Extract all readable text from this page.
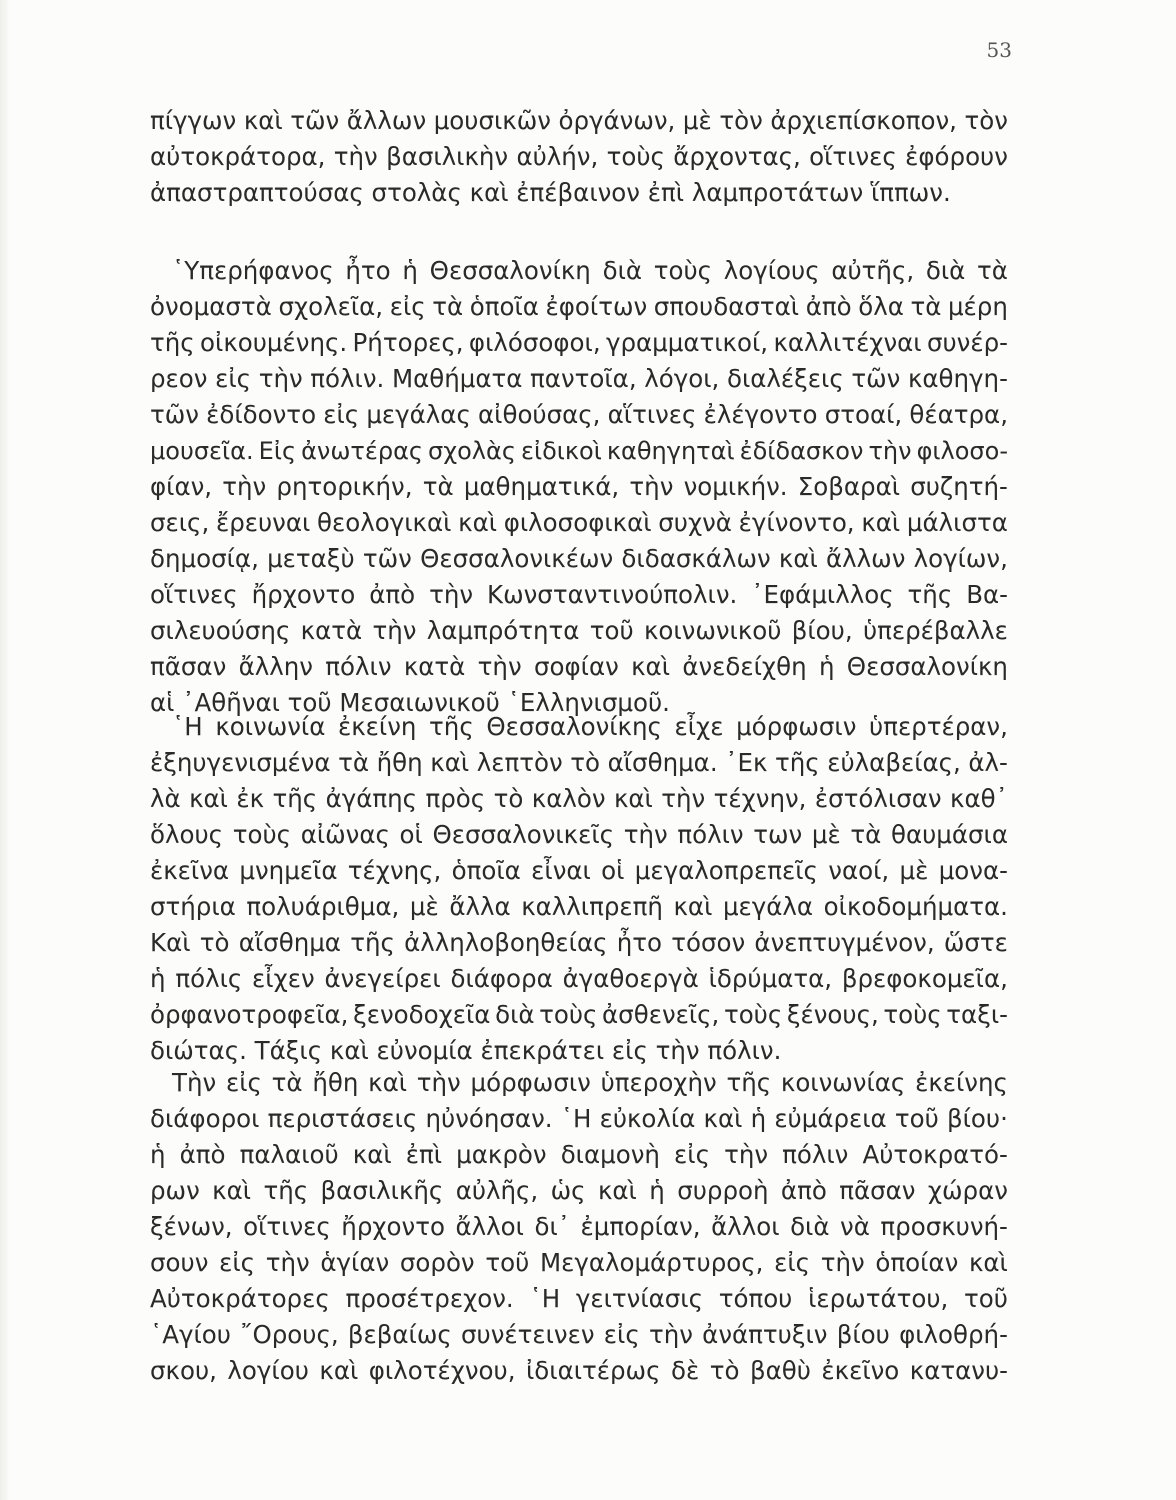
53
πίγγων καὶ τῶν ἄλλων μουσικῶν ὀργάνων, μὲ τὸν ἀρχιεπίσκοπον, τὸν
αὐτοκράτορα, τὴν βασιλικὴν αὐλήν, τοὺς ἄρχοντας, οἵτινες ἐφόρουν
ἀπαστραπτούσας στολὰς καὶ ἐπέβαινον ἐπὶ λαμπροτάτων ἵππων.
῾Υπερήφανος ἦτο ἡ Θεσσαλονίκη διὰ τοὺς λογίους αὐτῆς, διὰ τὰ
ὀνομαστὰ σχολεῖα, εἰς τὰ ὁποῖα ἐφοίτων σπουδασταὶ ἀπὸ ὅλα τὰ μέρη
τῆς οἰκουμένης. Ρήτορες, φιλόσοφοι, γραμματικοί, καλλιτέχναι συνέρ-
ρεον εἰς τὴν πόλιν. Μαθήματα παντοῖα, λόγοι, διαλέξεις τῶν καθηγη-
τῶν ἐδίδοντο εἰς μεγάλας αἰθούσας, αἵτινες ἐλέγοντο στοαί, θέατρα,
μουσεῖα. Εἰς ἀνωτέρας σχολὰς εἰδικοὶ καθηγηταὶ ἐδίδασκον τὴν φιλοσο-
φίαν, τὴν ρητορικήν, τὰ μαθηματικά, τὴν νομικήν. Σοβαραὶ συζητή-
σεις, ἔρευναι θεολογικαὶ καὶ φιλοσοφικαὶ συχνὰ ἐγίνοντο, καὶ μάλιστα
δημοσίᾳ, μεταξὺ τῶν Θεσσαλονικέων διδασκάλων καὶ ἄλλων λογίων,
οἵτινες ἤρχοντο ἀπὸ τὴν Κωνσταντινούπολιν. ᾿Εφάμιλλος τῆς Βα-
σιλευούσης κατὰ τὴν λαμπρότητα τοῦ κοινωνικοῦ βίου, ὑπερέβαλλε
πᾶσαν ἄλλην πόλιν κατὰ τὴν σοφίαν καὶ ἀνεδείχθη ἡ Θεσσαλονίκη
αἱ ᾿Αθῆναι τοῦ Μεσαιωνικοῦ ῾Ελληνισμοῦ.
῾Η κοινωνία ἐκείνη τῆς Θεσσαλονίκης εἶχε μόρφωσιν ὑπερτέραν,
ἐξηυγενισμένα τὰ ἤθη καὶ λεπτὸν τὸ αἴσθημα. ᾿Εκ τῆς εὐλαβείας, ἀλ-
λὰ καὶ ἐκ τῆς ἀγάπης πρὸς τὸ καλὸν καὶ τὴν τέχνην, ἐστόλισαν καθ᾿
ὅλους τοὺς αἰῶνας οἱ Θεσσαλονικεῖς τὴν πόλιν των μὲ τὰ θαυμάσια
ἐκεῖνα μνημεῖα τέχνης, ὁποῖα εἶναι οἱ μεγαλοπρεπεῖς ναοί, μὲ μονα-
στήρια πολυάριθμα, μὲ ἄλλα καλλιπρεπῆ καὶ μεγάλα οἰκοδομήματα.
Καὶ τὸ αἴσθημα τῆς ἀλληλοβοηθείας ἦτο τόσον ἀνεπτυγμένον, ὥστε
ἡ πόλις εἶχεν ἀνεγείρει διάφορα ἀγαθοεργὰ ἱδρύματα, βρεφοκομεῖα,
ὀρφανοτροφεῖα, ξενοδοχεῖα διὰ τοὺς ἀσθενεῖς, τοὺς ξένους, τοὺς ταξι-
διώτας. Τάξις καὶ εὐνομία ἐπεκράτει εἰς τὴν πόλιν.
Τὴν εἰς τὰ ἤθη καὶ τὴν μόρφωσιν ὑπεροχὴν τῆς κοινωνίας ἐκείνης
διάφοροι περιστάσεις ηὐνόησαν. ῾Η εὐκολία καὶ ἡ εὐμάρεια τοῦ βίου·
ἡ ἀπὸ παλαιοῦ καὶ ἐπὶ μακρὸν διαμονὴ εἰς τὴν πόλιν Αὐτοκρατό-
ρων καὶ τῆς βασιλικῆς αὐλῆς, ὡς καὶ ἡ συρροὴ ἀπὸ πᾶσαν χώραν
ξένων, οἵτινες ἤρχοντο ἄλλοι δι᾿ ἐμπορίαν, ἄλλοι διὰ νὰ προσκυνή-
σουν εἰς τὴν ἁγίαν σορὸν τοῦ Μεγαλομάρτυρος, εἰς τὴν ὁποίαν καὶ
Αὐτοκράτορες προσέτρεχον. ῾Η γειτνίασις τόπου ἱερωτάτου, τοῦ
῾Αγίου ῎Ορους, βεβαίως συνέτεινεν εἰς τὴν ἀνάπτυξιν βίου φιλοθρή-
σκου, λογίου καὶ φιλοτέχνου, ἰδιαιτέρως δὲ τὸ βαθὺ ἐκεῖνο κατανυ-
